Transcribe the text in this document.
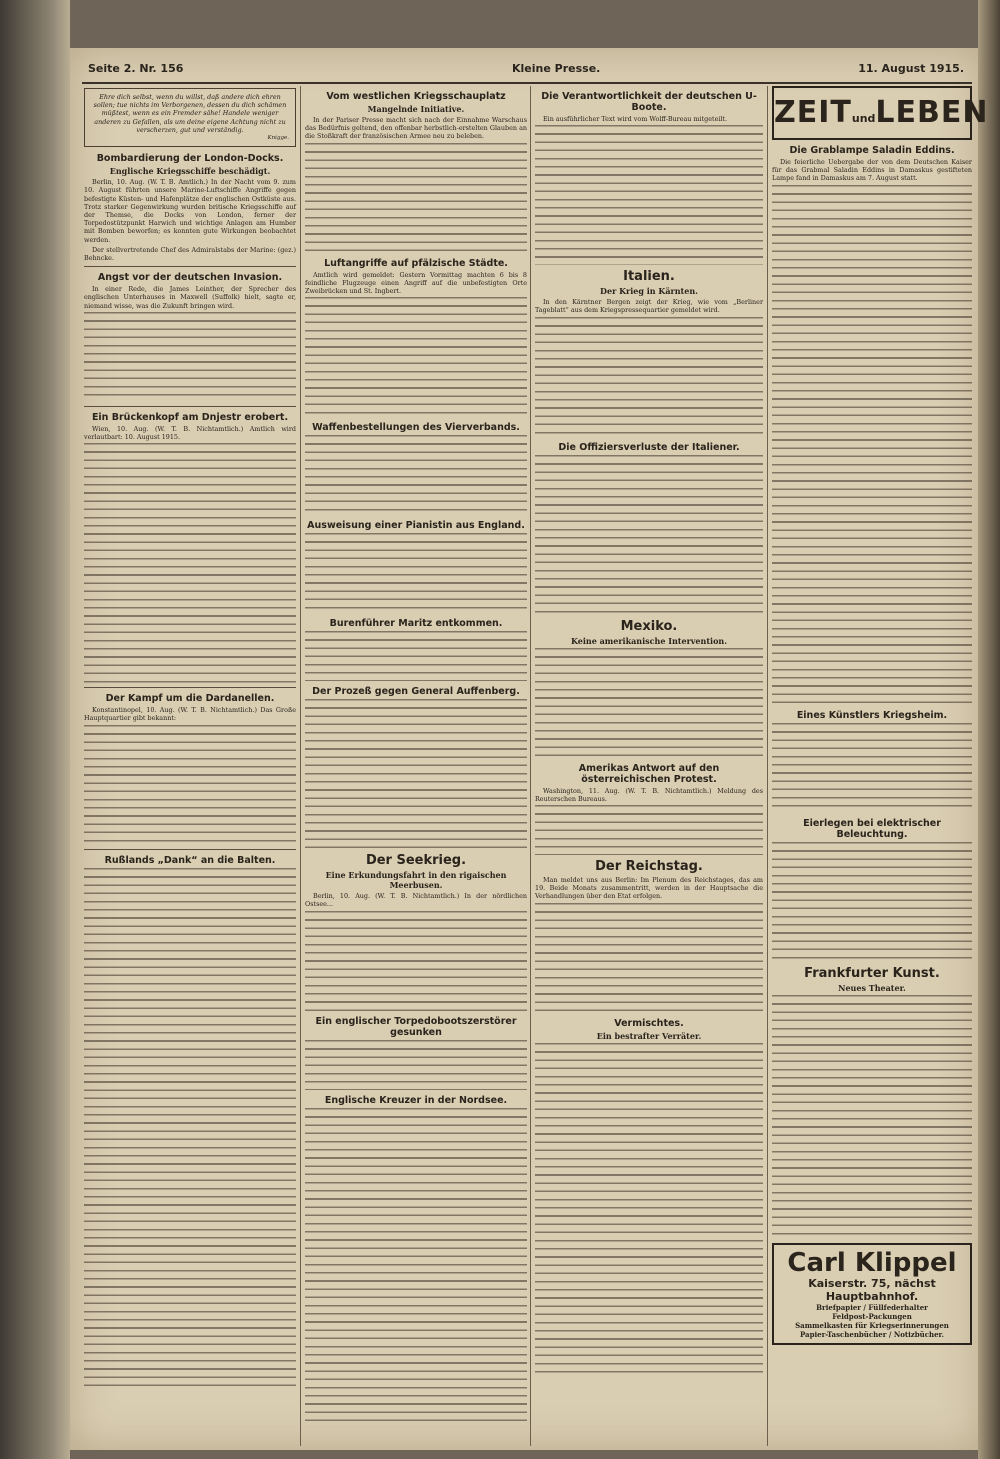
Seite 2. Nr. 156	Kleine Presse.	11. August 1915.
Ehre dich selbst, wenn du willst, daß andere dich ehren sollen; tue nichts im Verborgenen, dessen du dich schämen müßtest, wenn es ein Fremder sähe! Handele weniger anderen zu Gefallen, als um deine eigene Achtung nicht zu verscherzen, gut und verständig.
Knigge.
Bombardierung der London-Docks.
Englische Kriegsschiffe beschädigt.

Berlin, 10. Aug. (W. T. B. Amtlich.) In der Nacht vom 9. zum 10. August führten unsere Marine-Luftschiffe Angriffe gegen befestigte Küsten- und Hafenplätze der englischen Ostküste aus. Trotz starker Gegenwirkung wurden britische Kriegsschiffe auf der Themse, die Docks von London, ferner der Torpedostützpunkt Harwich und wichtige Anlagen am Humber mit Bomben beworfen; es konnten gute Wirkungen beobachtet werden.

Der stellvertretende Chef des Admiralstabs der Marine: (gez.) Behncke.

Angst vor der deutschen Invasion.

In einer Rede, die James Leinther, der Sprecher des englischen Unterhauses in Maxwell (Suffolk) hielt, sagte er, niemand wisse, was die Zukunft bringen wird.

Ein Brückenkopf am Dnjestr erobert.

Wien, 10. Aug. (W. T. B. Nichtamtlich.) Amtlich wird verlautbart: 10. August 1915.

Der Kampf um die Dardanellen.

Konstantinopel, 10. Aug. (W. T. B. Nichtamtlich.) Das Große Hauptquartier gibt bekannt:

Rußlands „Dank“ an die Balten.
Vom westlichen Kriegsschauplatz
Mangelnde Initiative.

In der Pariser Presse macht sich nach der Einnahme Warschaus das Bedürfnis geltend, den offenbar herbstlich-erstelten Glauben an die Stoßkraft der französischen Armee neu zu beleben.

Luftangriffe auf pfälzische Städte.

Amtlich wird gemeldet: Gestern Vormittag machten 6 bis 8 feindliche Flugzeuge einen Angriff auf die unbefestigten Orte Zweibrücken und St. Ingbert.

Waffenbestellungen des Vierverbands.
Ausweisung einer Pianistin aus England.
Burenführer Maritz entkommen.
Der Prozeß gegen General Auffenberg.
Der Seekrieg.
Eine Erkundungsfahrt in den rigaischen Meerbusen.

Berlin, 10. Aug. (W. T. B. Nichtamtlich.) In der nördlichen Ostsee...

Ein englischer Torpedobootszerstörer gesunken
Englische Kreuzer in der Nordsee.
Die Verantwortlichkeit der deutschen U-Boote.

Ein ausführlicher Text wird vom Wolff-Bureau mitgeteilt.

Italien.
Der Krieg in Kärnten.

In den Kärntner Bergen zeigt der Krieg, wie vom „Berliner Tageblatt“ aus dem Kriegspressequartier gemeldet wird.

Die Offiziersverluste der Italiener.
Mexiko.
Keine amerikanische Intervention.
Amerikas Antwort auf den österreichischen Protest.

Washington, 11. Aug. (W. T. B. Nichtamtlich.) Meldung des Reuterschen Bureaus.

Der Reichstag.

Man meldet uns aus Berlin: Im Plenum des Reichstages, das am 19. Beide Monats zusammentritt, werden in der Hauptsache die Verhandlungen über den Etat erfolgen.

Vermischtes.
Ein bestrafter Verräter.
ZEITundLEBEN
Die Grablampe Saladin Eddins.

Die feierliche Uebergabe der von dem Deutschen Kaiser für das Grabmal Saladin Eddins in Damaskus gestifteten Lampe fand in Damaskus am 7. August statt.

Eines Künstlers Kriegsheim.
Eierlegen bei elektrischer Beleuchtung.
Frankfurter Kunst.
Neues Theater.
Carl Klippel
Kaiserstr. 75, nächst Hauptbahnhof.
Briefpapier / Füllfederhalter
Feldpost-Packungen
Sammelkasten für Kriegserinnerungen
Papier-Taschenbücher / Notizbücher.
